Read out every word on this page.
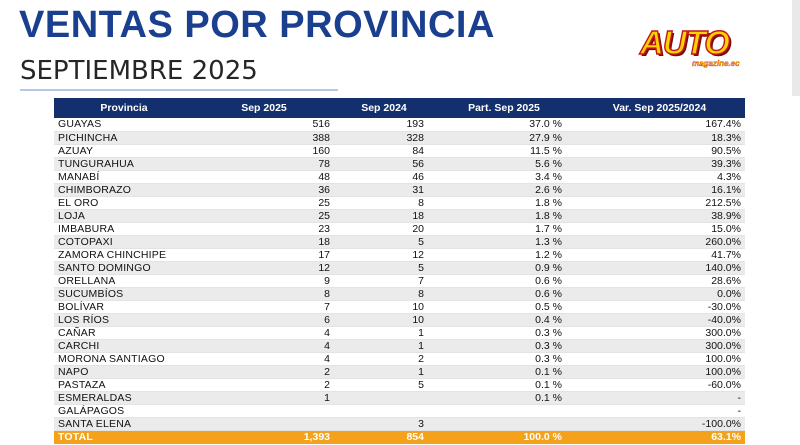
VENTAS POR PROVINCIA
SEPTIEMBRE 2025
AUTO
magazine.ec
Provincia	Sep 2025	Sep 2024	Part. Sep 2025	Var. Sep 2025/2024
GUAYAS	516	193	37.0 %	167.4%
PICHINCHA	388	328	27.9 %	18.3%
AZUAY	160	84	11.5 %	90.5%
TUNGURAHUA	78	56	5.6 %	39.3%
MANABÍ	48	46	3.4 %	4.3%
CHIMBORAZO	36	31	2.6 %	16.1%
EL ORO	25	8	1.8 %	212.5%
LOJA	25	18	1.8 %	38.9%
IMBABURA	23	20	1.7 %	15.0%
COTOPAXI	18	5	1.3 %	260.0%
ZAMORA CHINCHIPE	17	12	1.2 %	41.7%
SANTO DOMINGO	12	5	0.9 %	140.0%
ORELLANA	9	7	0.6 %	28.6%
SUCUMBÍOS	8	8	0.6 %	0.0%
BOLÍVAR	7	10	0.5 %	-30.0%
LOS RÍOS	6	10	0.4 %	-40.0%
CAÑAR	4	1	0.3 %	300.0%
CARCHI	4	1	0.3 %	300.0%
MORONA SANTIAGO	4	2	0.3 %	100.0%
NAPO	2	1	0.1 %	100.0%
PASTAZA	2	5	0.1 %	-60.0%
ESMERALDAS	1		0.1 %	-
GALÁPAGOS				-
SANTA ELENA		3		-100.0%
TOTAL	1,393	854	100.0 %	63.1%
